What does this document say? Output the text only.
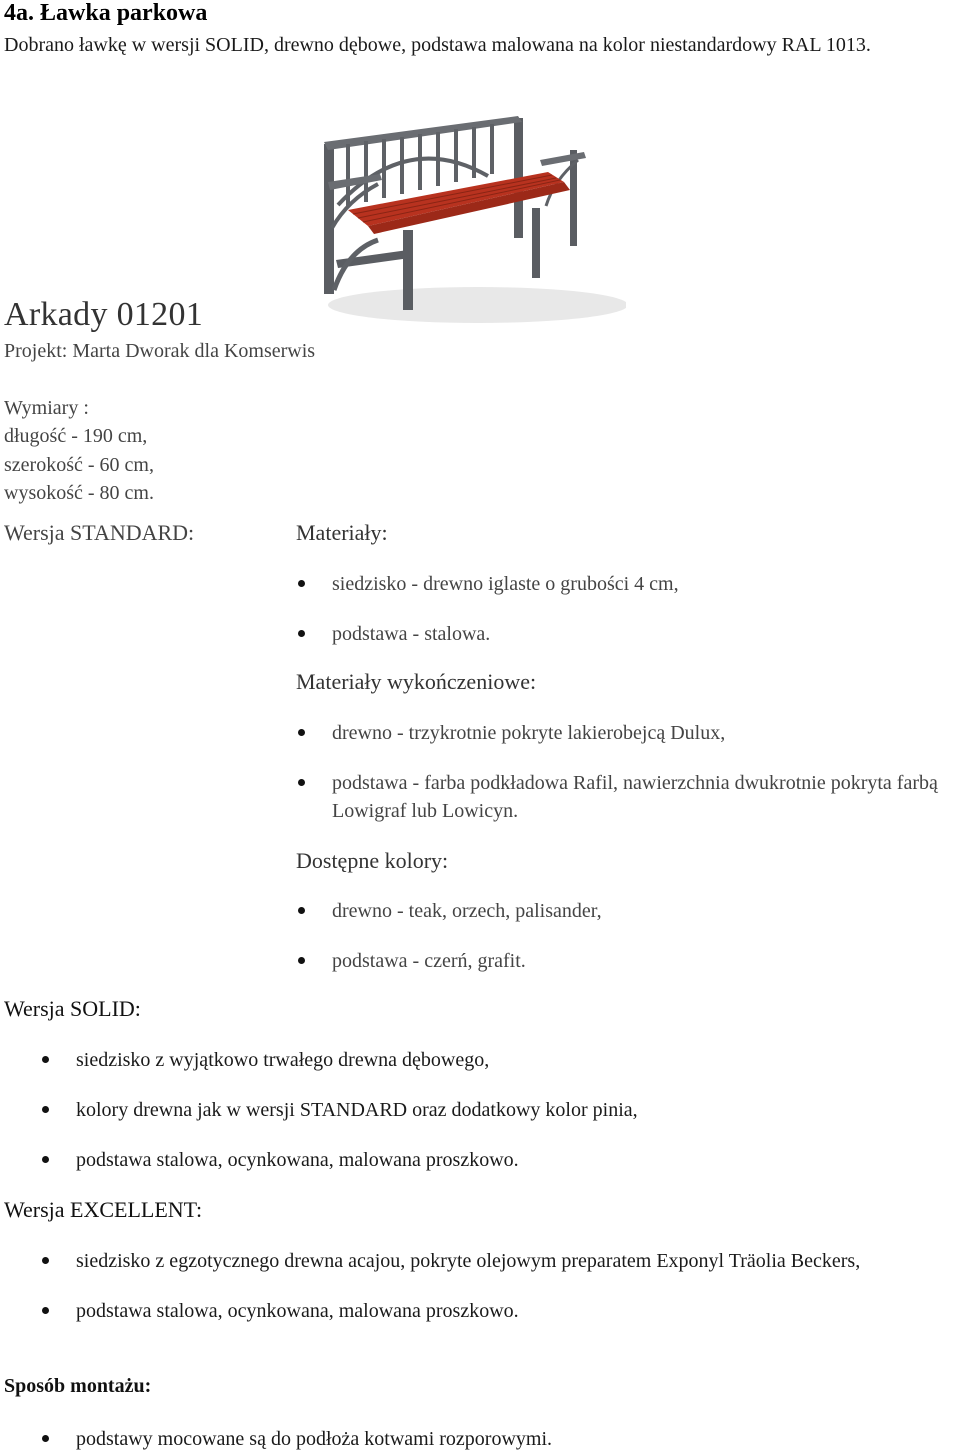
4a. Ławka parkowa
Dobrano ławkę w wersji SOLID, drewno dębowe, podstawa malowana na kolor niestandardowy RAL 1013.
Arkady 01201
Projekt: Marta Dworak dla Komserwis
Wymiary :
długość - 190 cm,
szerokość - 60 cm,
wysokość - 80 cm.
Wersja STANDARD:	Materiały:
siedzisko - drewno iglaste o grubości 4 cm,
podstawa - stalowa.
Materiały wykończeniowe:
drewno - trzykrotnie pokryte lakierobejcą Dulux,
podstawa - farba podkładowa Rafil, nawierzchnia dwukrotnie pokryta farbą Lowigraf lub Lowicyn.
Dostępne kolory:
drewno - teak, orzech, palisander,
podstawa - czerń, grafit.
Wersja SOLID:
siedzisko z wyjątkowo trwałego drewna dębowego,
kolory drewna jak w wersji STANDARD oraz dodatkowy kolor pinia,
podstawa stalowa, ocynkowana, malowana proszkowo.
Wersja EXCELLENT:
siedzisko z egzotycznego drewna acajou, pokryte olejowym preparatem Exponyl Träolia Beckers,
podstawa stalowa, ocynkowana, malowana proszkowo.
Sposób montażu:
podstawy mocowane są do podłoża kotwami rozporowymi.
